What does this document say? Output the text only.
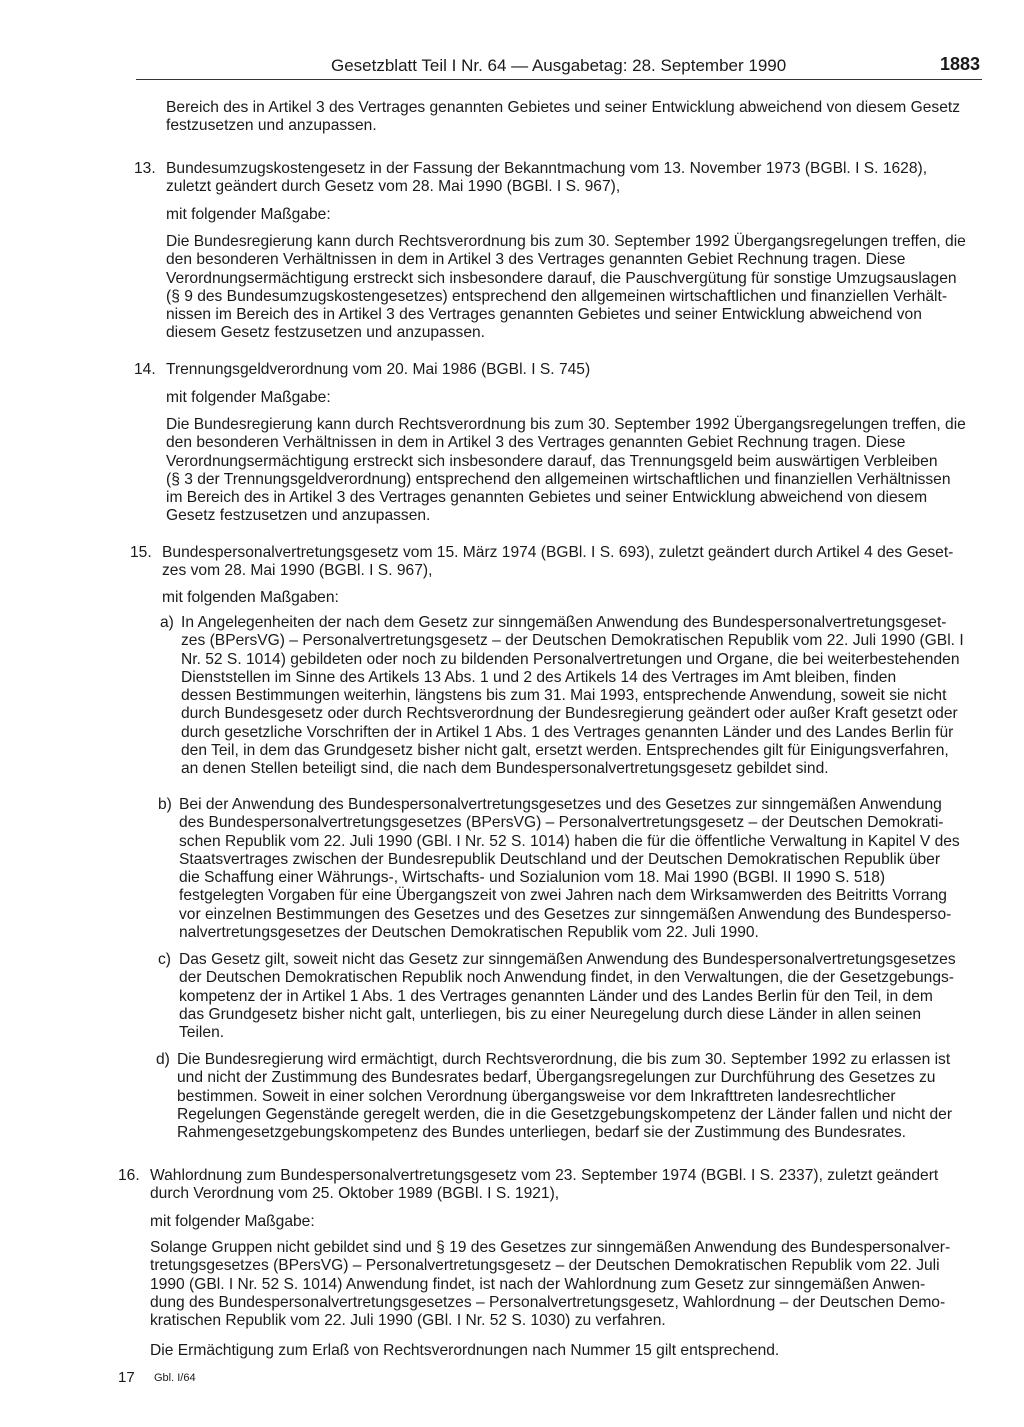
Gesetzblatt Teil I Nr. 64 — Ausgabetag: 28. September 1990	1883
Bereich des in Artikel 3 des Vertrages genannten Gebietes und seiner Entwicklung abweichend von diesem Gesetz
festzusetzen und anzupassen.
13. Bundesumzugskostengesetz in der Fassung der Bekanntmachung vom 13. November 1973 (BGBl. I S. 1628),
zuletzt geändert durch Gesetz vom 28. Mai 1990 (BGBl. I S. 967),
mit folgender Maßgabe:
Die Bundesregierung kann durch Rechtsverordnung bis zum 30. September 1992 Übergangsregelungen treffen, die
den besonderen Verhältnissen in dem in Artikel 3 des Vertrages genannten Gebiet Rechnung tragen. Diese
Verordnungsermächtigung erstreckt sich insbesondere darauf, die Pauschvergütung für sonstige Umzugsauslagen
(§ 9 des Bundesumzugskostengesetzes) entsprechend den allgemeinen wirtschaftlichen und finanziellen Verhält-
nissen im Bereich des in Artikel 3 des Vertrages genannten Gebietes und seiner Entwicklung abweichend von
diesem Gesetz festzusetzen und anzupassen.
14. Trennungsgeldverordnung vom 20. Mai 1986 (BGBl. I S. 745)
mit folgender Maßgabe:
Die Bundesregierung kann durch Rechtsverordnung bis zum 30. September 1992 Übergangsregelungen treffen, die
den besonderen Verhältnissen in dem in Artikel 3 des Vertrages genannten Gebiet Rechnung tragen. Diese
Verordnungsermächtigung erstreckt sich insbesondere darauf, das Trennungsgeld beim auswärtigen Verbleiben
(§ 3 der Trennungsgeldverordnung) entsprechend den allgemeinen wirtschaftlichen und finanziellen Verhältnissen
im Bereich des in Artikel 3 des Vertrages genannten Gebietes und seiner Entwicklung abweichend von diesem
Gesetz festzusetzen und anzupassen.
15. Bundespersonalvertretungsgesetz vom 15. März 1974 (BGBl. I S. 693), zuletzt geändert durch Artikel 4 des Geset-
zes vom 28. Mai 1990 (BGBl. I S. 967),
mit folgenden Maßgaben:
a) In Angelegenheiten der nach dem Gesetz zur sinngemäßen Anwendung des Bundespersonalvertretungsgeset-
zes (BPersVG) – Personalvertretungsgesetz – der Deutschen Demokratischen Republik vom 22. Juli 1990 (GBl. I
Nr. 52 S. 1014) gebildeten oder noch zu bildenden Personalvertretungen und Organe, die bei weiterbestehenden
Dienststellen im Sinne des Artikels 13 Abs. 1 und 2 des Artikels 14 des Vertrages im Amt bleiben, finden
dessen Bestimmungen weiterhin, längstens bis zum 31. Mai 1993, entsprechende Anwendung, soweit sie nicht
durch Bundesgesetz oder durch Rechtsverordnung der Bundesregierung geändert oder außer Kraft gesetzt oder
durch gesetzliche Vorschriften der in Artikel 1 Abs. 1 des Vertrages genannten Länder und des Landes Berlin für
den Teil, in dem das Grundgesetz bisher nicht galt, ersetzt werden. Entsprechendes gilt für Einigungsverfahren,
an denen Stellen beteiligt sind, die nach dem Bundespersonalvertretungsgesetz gebildet sind.
b) Bei der Anwendung des Bundespersonalvertretungsgesetzes und des Gesetzes zur sinngemäßen Anwendung
des Bundespersonalvertretungsgesetzes (BPersVG) – Personalvertretungsgesetz – der Deutschen Demokrati-
schen Republik vom 22. Juli 1990 (GBl. I Nr. 52 S. 1014) haben die für die öffentliche Verwaltung in Kapitel V des
Staatsvertrages zwischen der Bundesrepublik Deutschland und der Deutschen Demokratischen Republik über
die Schaffung einer Währungs-, Wirtschafts- und Sozialunion vom 18. Mai 1990 (BGBl. II 1990 S. 518)
festgelegten Vorgaben für eine Übergangszeit von zwei Jahren nach dem Wirksamwerden des Beitritts Vorrang
vor einzelnen Bestimmungen des Gesetzes und des Gesetzes zur sinngemäßen Anwendung des Bundesperso-
nalvertretungsgesetzes der Deutschen Demokratischen Republik vom 22. Juli 1990.
c) Das Gesetz gilt, soweit nicht das Gesetz zur sinngemäßen Anwendung des Bundespersonalvertretungsgesetzes
der Deutschen Demokratischen Republik noch Anwendung findet, in den Verwaltungen, die der Gesetzgebungs-
kompetenz der in Artikel 1 Abs. 1 des Vertrages genannten Länder und des Landes Berlin für den Teil, in dem
das Grundgesetz bisher nicht galt, unterliegen, bis zu einer Neuregelung durch diese Länder in allen seinen
Teilen.
d) Die Bundesregierung wird ermächtigt, durch Rechtsverordnung, die bis zum 30. September 1992 zu erlassen ist
und nicht der Zustimmung des Bundesrates bedarf, Übergangsregelungen zur Durchführung des Gesetzes zu
bestimmen. Soweit in einer solchen Verordnung übergangsweise vor dem Inkrafttreten landesrechtlicher
Regelungen Gegenstände geregelt werden, die in die Gesetzgebungskompetenz der Länder fallen und nicht der
Rahmengesetzgebungskompetenz des Bundes unterliegen, bedarf sie der Zustimmung des Bundesrates.
16. Wahlordnung zum Bundespersonalvertretungsgesetz vom 23. September 1974 (BGBl. I S. 2337), zuletzt geändert
durch Verordnung vom 25. Oktober 1989 (BGBl. I S. 1921),
mit folgender Maßgabe:
Solange Gruppen nicht gebildet sind und § 19 des Gesetzes zur sinngemäßen Anwendung des Bundespersonalver-
tretungsgesetzes (BPersVG) – Personalvertretungsgesetz – der Deutschen Demokratischen Republik vom 22. Juli
1990 (GBl. I Nr. 52 S. 1014) Anwendung findet, ist nach der Wahlordnung zum Gesetz zur sinngemäßen Anwen-
dung des Bundespersonalvertretungsgesetzes – Personalvertretungsgesetz, Wahlordnung – der Deutschen Demo-
kratischen Republik vom 22. Juli 1990 (GBl. I Nr. 52 S. 1030) zu verfahren.
Die Ermächtigung zum Erlaß von Rechtsverordnungen nach Nummer 15 gilt entsprechend.
17 Gbl. I/64
